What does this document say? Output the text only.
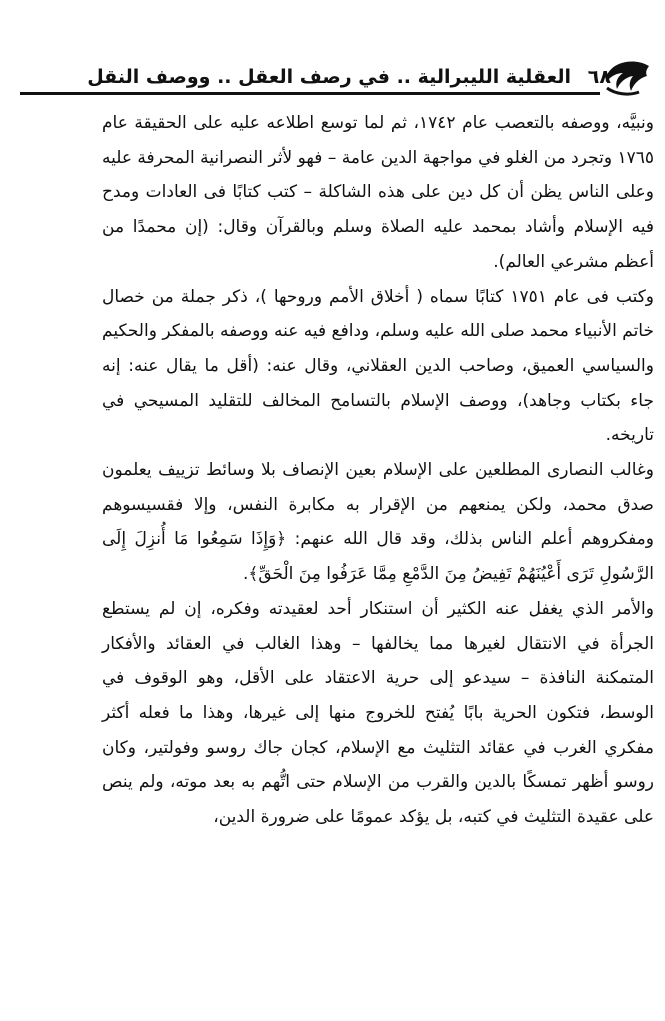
٦٨
العقلية الليبرالية .. في رصف العقل .. ووصف النقل

ونبيَّه، ووصفه بالتعصب عام ١٧٤٢، ثم لما توسع اطلاعه عليه على الحقيقة عام ١٧٦٥ وتجرد من الغلو في مواجهة الدين عامة – فهو لأثر النصرانية المحرفة عليه وعلى الناس يظن أن كل دين على هذه الشاكلة – كتب كتابًا فى العادات ومدح فيه الإسلام وأشاد بمحمد عليه الصلاة وسلم وبالقرآن وقال: (إن محمدًا من أعظم مشرعي العالم).

وكتب فى عام ١٧٥١ كتابًا سماه ( أخلاق الأمم وروحها )، ذكر جملة من خصال خاتم الأنبياء محمد صلى الله عليه وسلم، ودافع فيه عنه ووصفه بالمفكر والحكيم والسياسي العميق، وصاحب الدين العقلاني، وقال عنه: (أقل ما يقال عنه: إنه جاء بكتاب وجاهد)، ووصف الإسلام بالتسامح المخالف للتقليد المسيحي في تاريخه.

وغالب النصارى المطلعين على الإسلام بعين الإنصاف بلا وسائط تزييف يعلمون صدق محمد، ولكن يمنعهم من الإقرار به مكابرة النفس، وإلا فقسيسوهم ومفكروهم أعلم الناس بذلك، وقد قال الله عنهم: ﴿وَإِذَا سَمِعُوا مَا أُنزِلَ إِلَى الرَّسُولِ تَرَى أَعْيُنَهُمْ تَفِيضُ مِنَ الدَّمْعِ مِمَّا عَرَفُوا مِنَ الْحَقِّ﴾.

والأمر الذي يغفل عنه الكثير أن استنكار أحد لعقيدته وفكره، إن لم يستطع الجرأة في الانتقال لغيرها مما يخالفها – وهذا الغالب في العقائد والأفكار المتمكنة النافذة – سيدعو إلى حرية الاعتقاد على الأقل، وهو الوقوف في الوسط، فتكون الحرية بابًا يُفتح للخروج منها إلى غيرها، وهذا ما فعله أكثر مفكري الغرب في عقائد التثليث مع الإسلام، كجان جاك روسو وفولتير، وكان روسو أظهر تمسكًا بالدين والقرب من الإسلام حتى اتُّهم به بعد موته، ولم ينص على عقيدة التثليث في كتبه، بل يؤكد عمومًا على ضرورة الدين،
